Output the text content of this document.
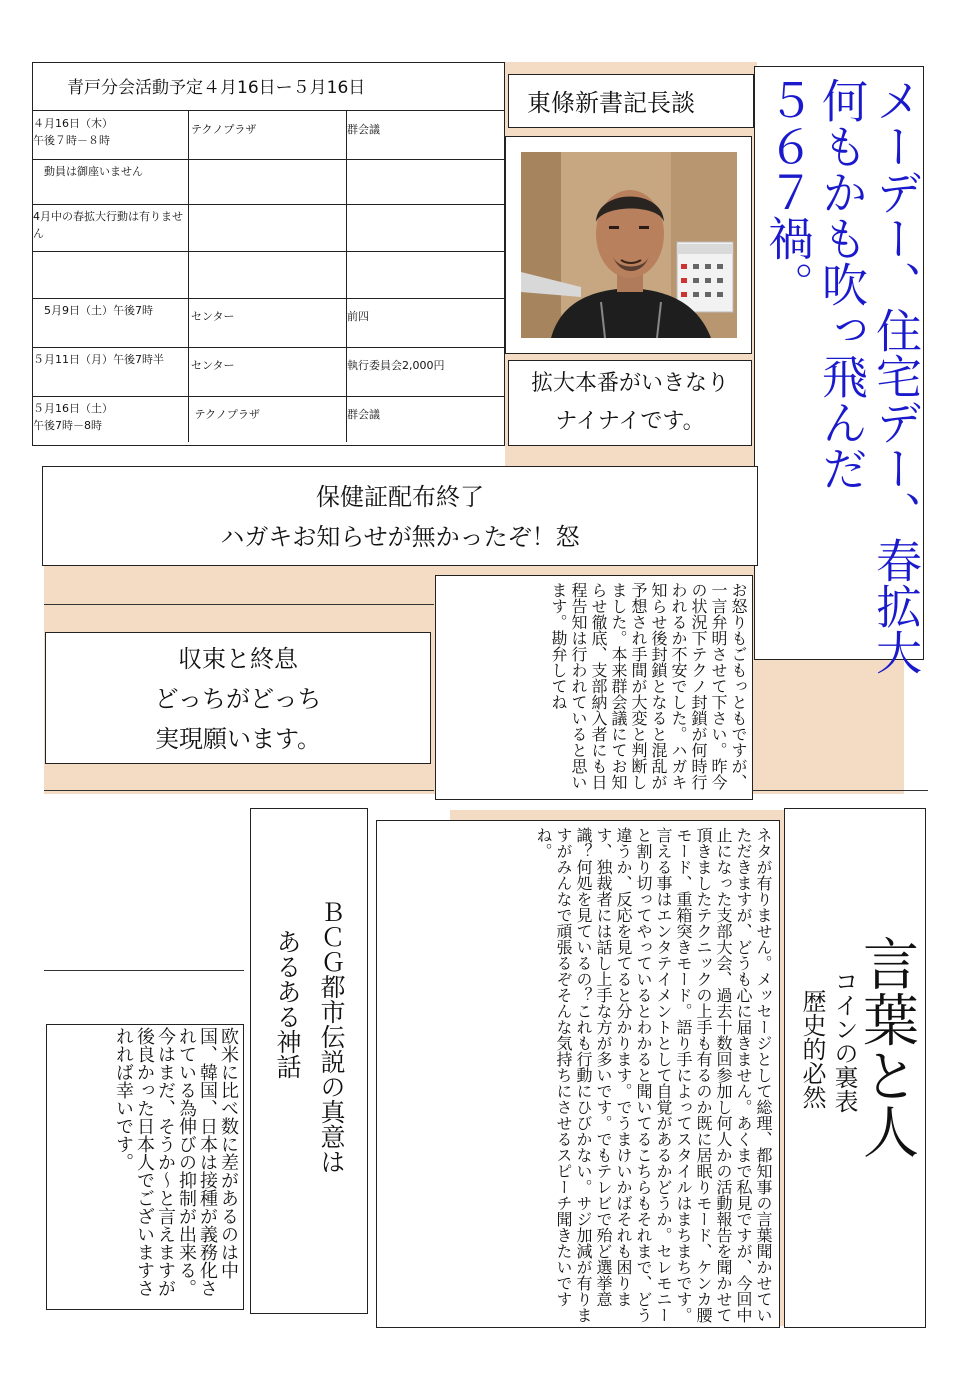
青戸分会活動予定４月16日ー５月16日
４月16日（木）
午後７時－８時
テクノプラザ	群会議
　動員は御座いません
4月中の春拡大行動は有りません
　5月9日（土）午後7時	センター	前四
５月11日（月）午後7時半	センター	執行委員会2,000円
５月16日（土）
午後7時－8時
テクノプラザ	群会議
東條新書記長談
拡大本番がいきなり
ナイナイです。	メーデー、住宅デー、春拡大
何もかも吹っ飛んだ
５６７禍。
保健証配布終了
ハガキお知らせが無かったぞ！怒
お怒りもごもっともですが、一言弁明させて下さい。昨今の状況下テクノ封鎖が何時行われるか不安でした。ハガキ知らせ後封鎖となると混乱が予想され手間が大変と判断しました。本来群会議にてお知らせ徹底、支部納入者にも日程告知は行われていると思います。勘弁してね
収束と終息
どっちがどっち
実現願います。
ＢＣＧ都市伝説の真意は
あるある神話
欧米に比べ数に差があるのは中国、韓国、日本は接種が義務化されている為伸びの抑制が出来る。今はまだ、そうか～と言えますが後良かった日本人でございますされれば幸いです。	ネタが有りません。メッセージとして総理、都知事の言葉聞かせていただきますが、どうも心に届きません。あくまで私見ですが、今回中止になった支部大会、過去十数回参加し何人かの活動報告を聞かせて頂きましたテクニックの上手も有るのか既に居眠りモード、ケンカ腰モード、重箱突きモード。語り手によってスタイルはまちまちです。言える事はエンタテイメントとして自覚があるかどうか。セレモニーと割り切ってやっているとわかると聞いてるこちらもそれまで、どう違うか、反応を見てると分かります。でうまけいかばそれも困ります、独裁者には話し上手な方が多いです。でもテレビで殆ど選挙意識？何処を見ているの？これも行動にひびかない。サジ加減が有りますがみんなで頑張るぞそんな気持ちにさせるスピーチ聞きたいですね。
言葉と人
コインの裏表
歴史的必然
